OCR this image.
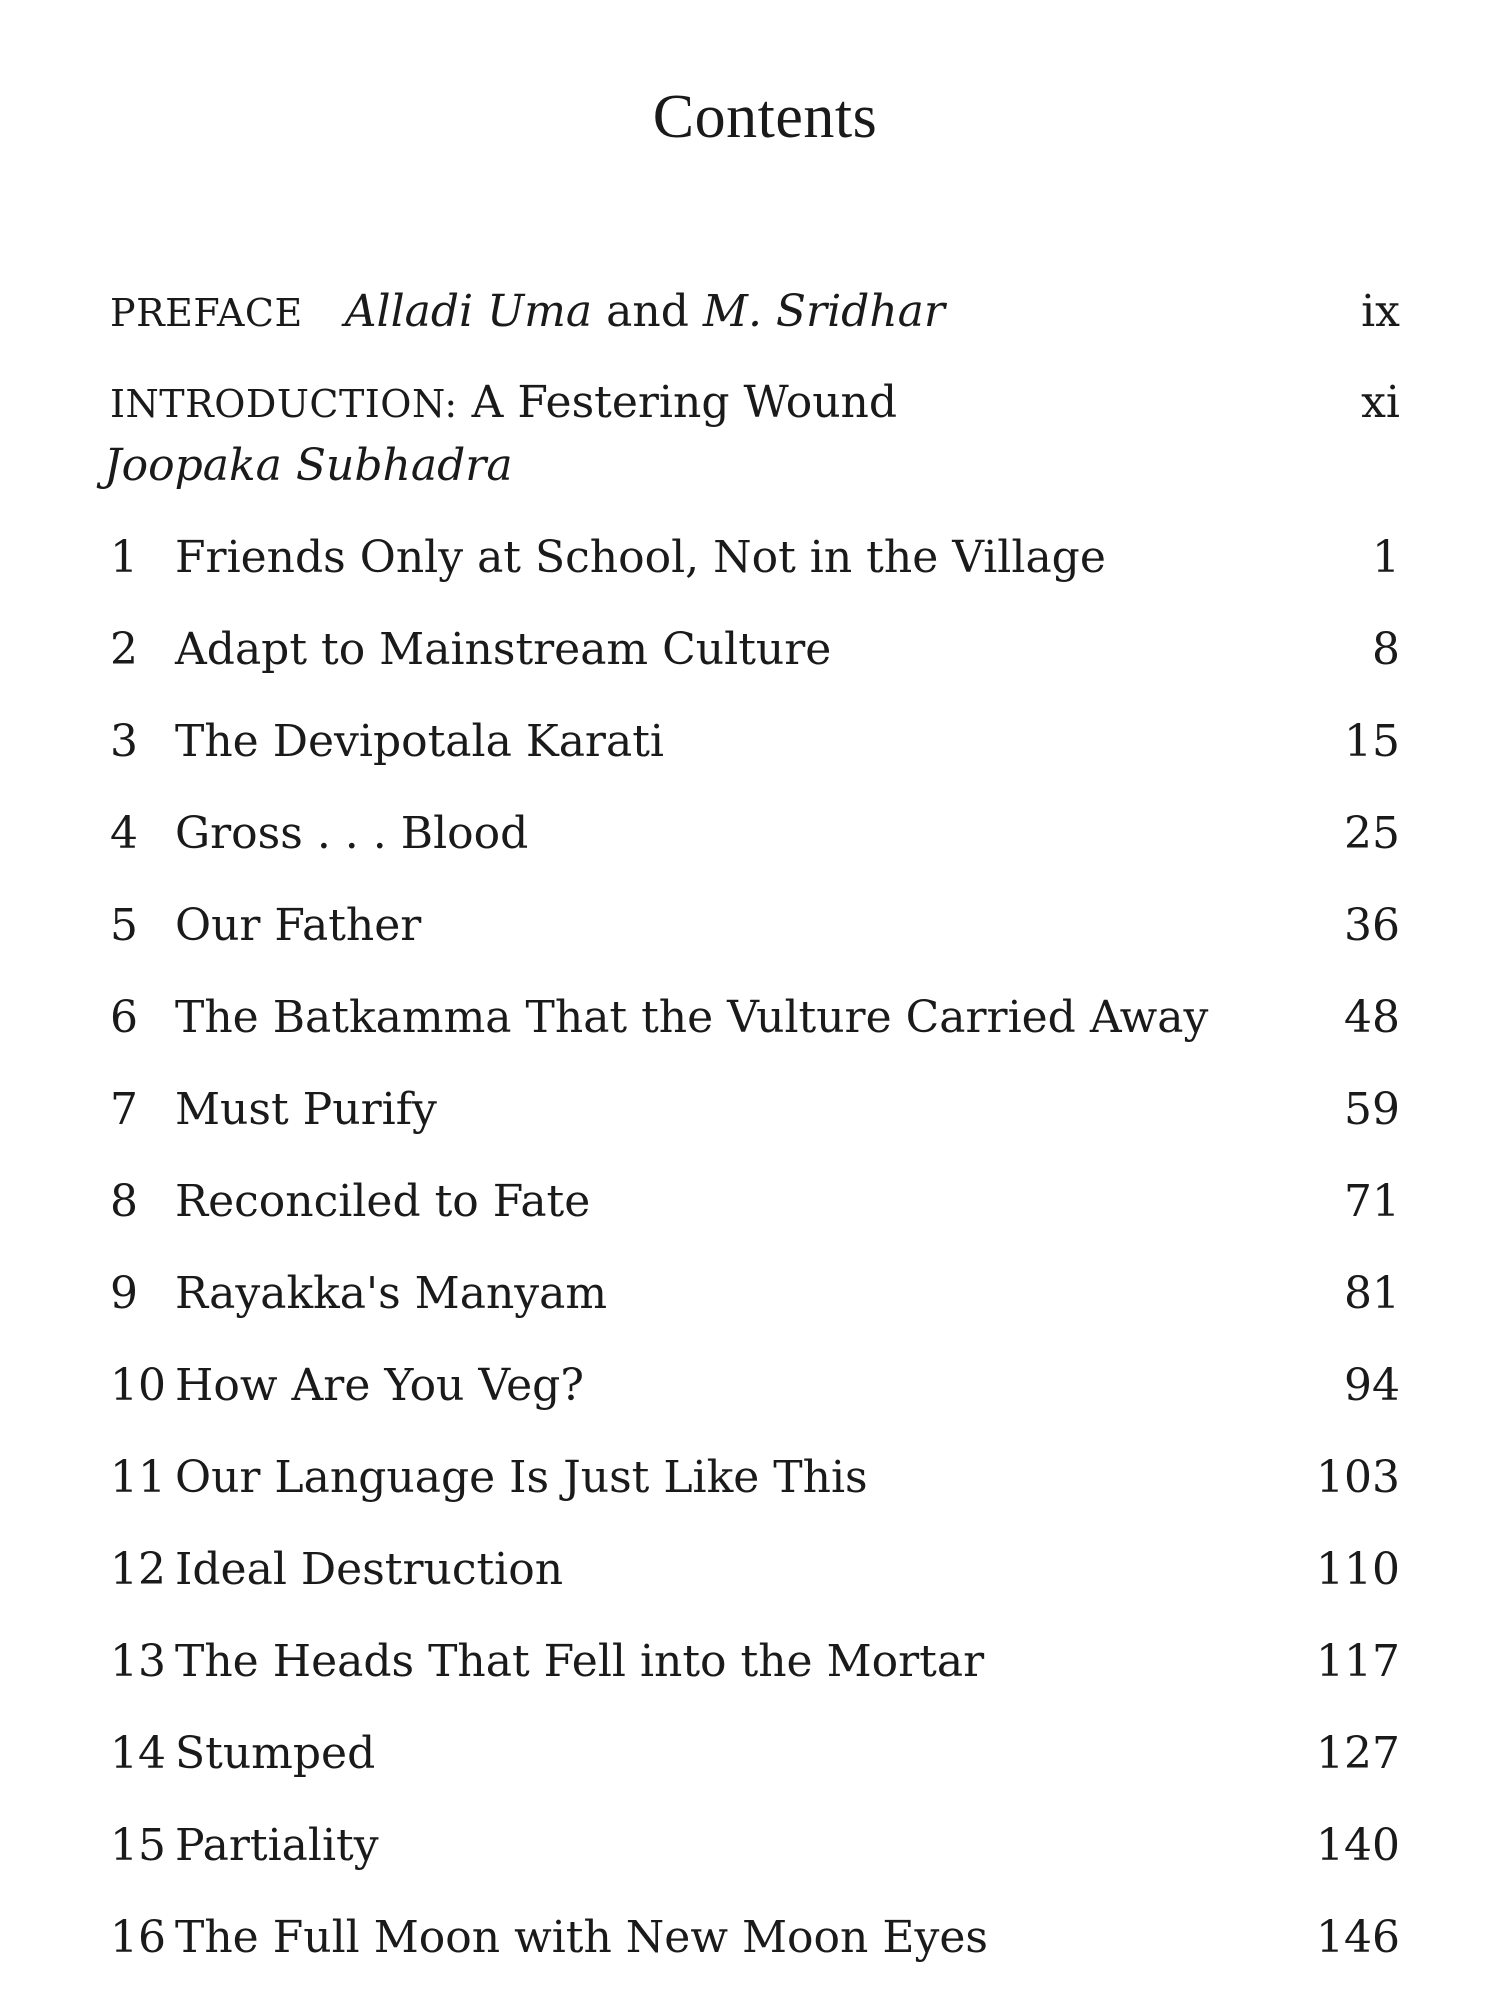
Contents
PREFACE Alladi Uma and M. Sridhar	ix
INTRODUCTION: A Festering Wound	xi
Joopaka Subhadra
1 Friends Only at School, Not in the Village	1
2 Adapt to Mainstream Culture	8
3 The Devipotala Karati	15
4 Gross . . . Blood	25
5 Our Father	36
6 The Batkamma That the Vulture Carried Away	48
7 Must Purify	59
8 Reconciled to Fate	71
9 Rayakka's Manyam	81
10 How Are You Veg?	94
11 Our Language Is Just Like This	103
12 Ideal Destruction	110
13 The Heads That Fell into the Mortar	117
14 Stumped	127
15 Partiality	140
16 The Full Moon with New Moon Eyes	146
